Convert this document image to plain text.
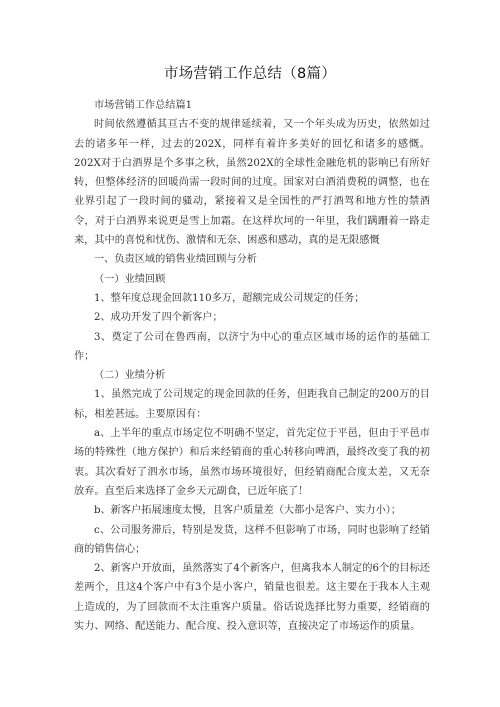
市场营销工作总结（8篇）

市场营销工作总结篇1

时间依然遵循其亘古不变的规律延续着，又一个年头成为历史，依然如过去的诸多年一样，过去的202X，同样有着许多美好的回忆和诸多的感慨。202X对于白酒界是个多事之秋，虽然202X的全球性金融危机的影响已有所好转，但整体经济的回暖尚需一段时间的过度。国家对白酒消费税的调整，也在业界引起了一段时间的骚动，紧接着又是全国性的严打酒驾和地方性的禁酒令，对于白酒界来说更是雪上加霜。在这样坎坷的一年里，我们蹒跚着一路走来，其中的喜悦和忧伤、激情和无奈、困惑和感动，真的是无限感慨

一、负责区域的销售业绩回顾与分析

（一）业绩回顾

1、整年度总现金回款110多万，超额完成公司规定的任务；

2、成功开发了四个新客户；

3、奠定了公司在鲁西南，以济宁为中心的重点区域市场的运作的基础工作；

（二）业绩分析

1、虽然完成了公司规定的现金回款的任务，但距我自己制定的200万的目标，相差甚远。主要原因有：

a、上半年的重点市场定位不明确不坚定，首先定位于平邑，但由于平邑市场的特殊性（地方保护）和后来经销商的重心转移向啤酒，最终改变了我的初衷。其次看好了泗水市场，虽然市场环境很好，但经销商配合度太差，又无奈放弃。直至后来选择了金乡天元副食，已近年底了！

b、新客户拓展速度太慢，且客户质量差（大都小是客户、实力小）；

c、公司服务滞后，特别是发货，这样不但影响了市场，同时也影响了经销商的销售信心；

2、新客户开放面，虽然落实了4个新客户，但离我本人制定的6个的目标还差两个，且这4个客户中有3个是小客户，销量也很差。这主要在于我本人主观上造成的，为了回款而不太注重客户质量。俗话说选择比努力重要，经销商的实力、网络、配送能力、配合度、投入意识等，直接决定了市场运作的质量。
